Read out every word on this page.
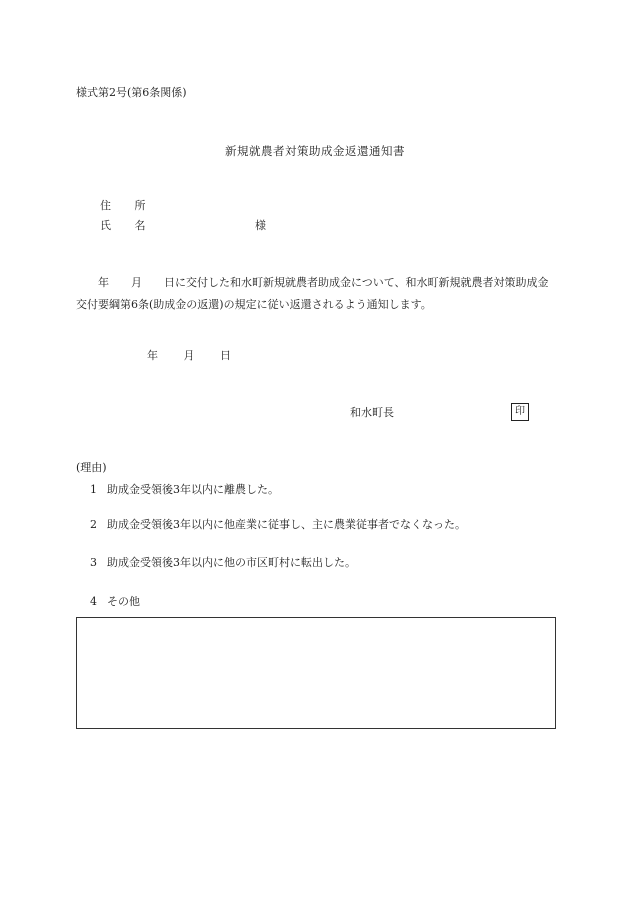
様式第2号(第6条関係)
新規就農者対策助成金返還通知書
住 所
氏 名	様
　　年　　月　　日に交付した和水町新規就農者助成金について、和水町新規就農者対策助成金交付要綱第6条(助成金の返還)の規定に従い返還されるよう通知します。
年 月 日
和水町長	印
(理由)
1 助成金受領後3年以内に離農した。
2 助成金受領後3年以内に他産業に従事し、主に農業従事者でなくなった。
3 助成金受領後3年以内に他の市区町村に転出した。
4 その他
